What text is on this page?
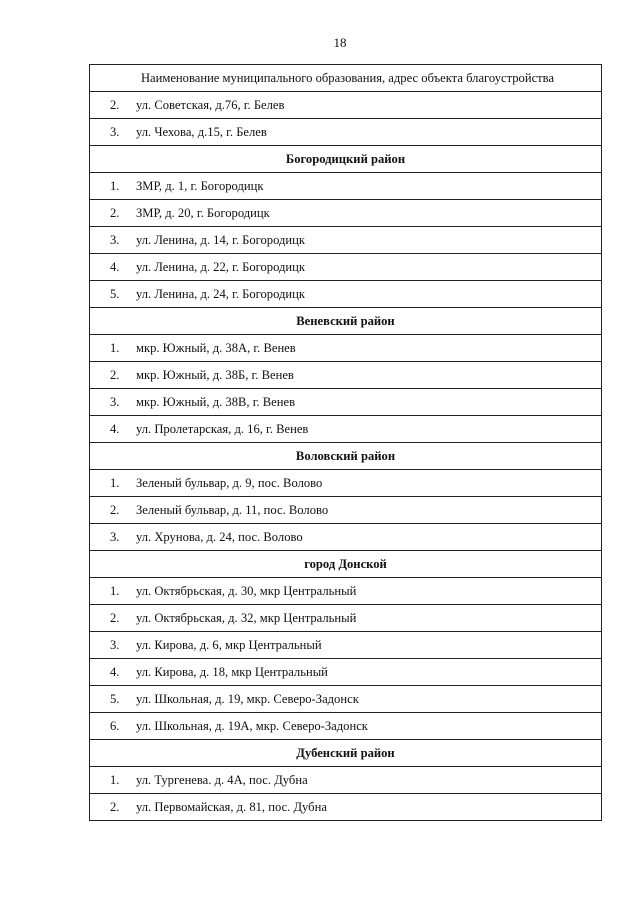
18
Наименование муниципального образования, адрес объекта благоустройства
2. ул. Советская, д.76, г. Белев
3. ул. Чехова, д.15, г. Белев
Богородицкий район
1. ЗМР, д. 1, г. Богородицк
2. ЗМР, д. 20, г. Богородицк
3. ул. Ленина, д. 14, г. Богородицк
4. ул. Ленина, д. 22, г. Богородицк
5. ул. Ленина, д. 24, г. Богородицк
Веневский район
1. мкр. Южный, д. 38А, г. Венев
2. мкр. Южный, д. 38Б, г. Венев
3. мкр. Южный, д. 38В, г. Венев
4. ул. Пролетарская, д. 16, г. Венев
Воловский район
1. Зеленый бульвар, д. 9, пос. Волово
2. Зеленый бульвар, д. 11, пос. Волово
3. ул. Хрунова, д. 24, пос. Волово
город Донской
1. ул. Октябрьская, д. 30, мкр Центральный
2. ул. Октябрьская, д. 32, мкр Центральный
3. ул. Кирова, д. 6, мкр Центральный
4. ул. Кирова, д. 18, мкр Центральный
5. ул. Школьная, д. 19, мкр. Северо-Задонск
6. ул. Школьная, д. 19А, мкр. Северо-Задонск
Дубенский район
1. ул. Тургенева. д. 4А, пос. Дубна
2. ул. Первомайская, д. 81, пос. Дубна
